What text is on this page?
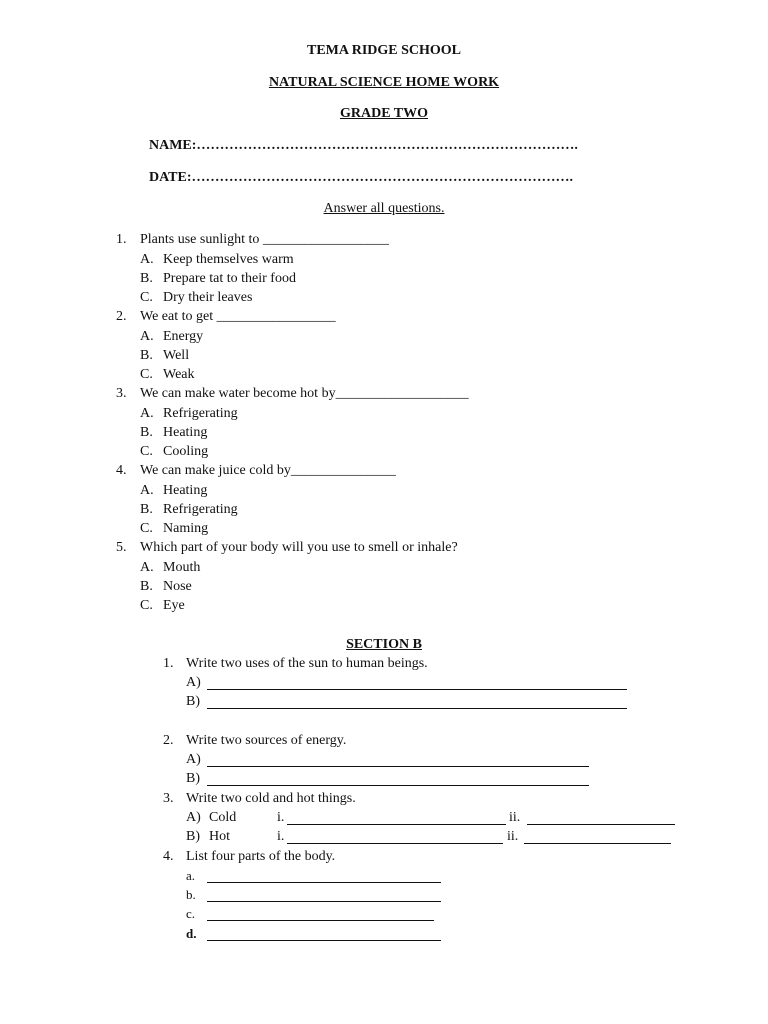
TEMA RIDGE SCHOOL
NATURAL SCIENCE HOME WORK
GRADE TWO
NAME:……………………………………………………………………….
DATE:……………………………………………………………………….
Answer all questions.
1. Plants use sunlight to __________________
A. Keep themselves warm
B. Prepare tat to their food
C. Dry their leaves
2. We eat to get _________________
A. Energy
B. Well
C. Weak
3. We can make water become hot by___________________
A. Refrigerating
B. Heating
C. Cooling
4. We can make juice cold by_______________
A. Heating
B. Refrigerating
C. Naming
5. Which part of your body will you use to smell or inhale?
A. Mouth
B. Nose
C. Eye
SECTION B
1. Write two uses of the sun to human beings.
A)
B)
2. Write two sources of energy.
A)
B)
3. Write two cold and hot things.
A) Cold	i.	ii.
B) Hot	i.	ii.
4. List four parts of the body.
a.
b.
c.
d.
